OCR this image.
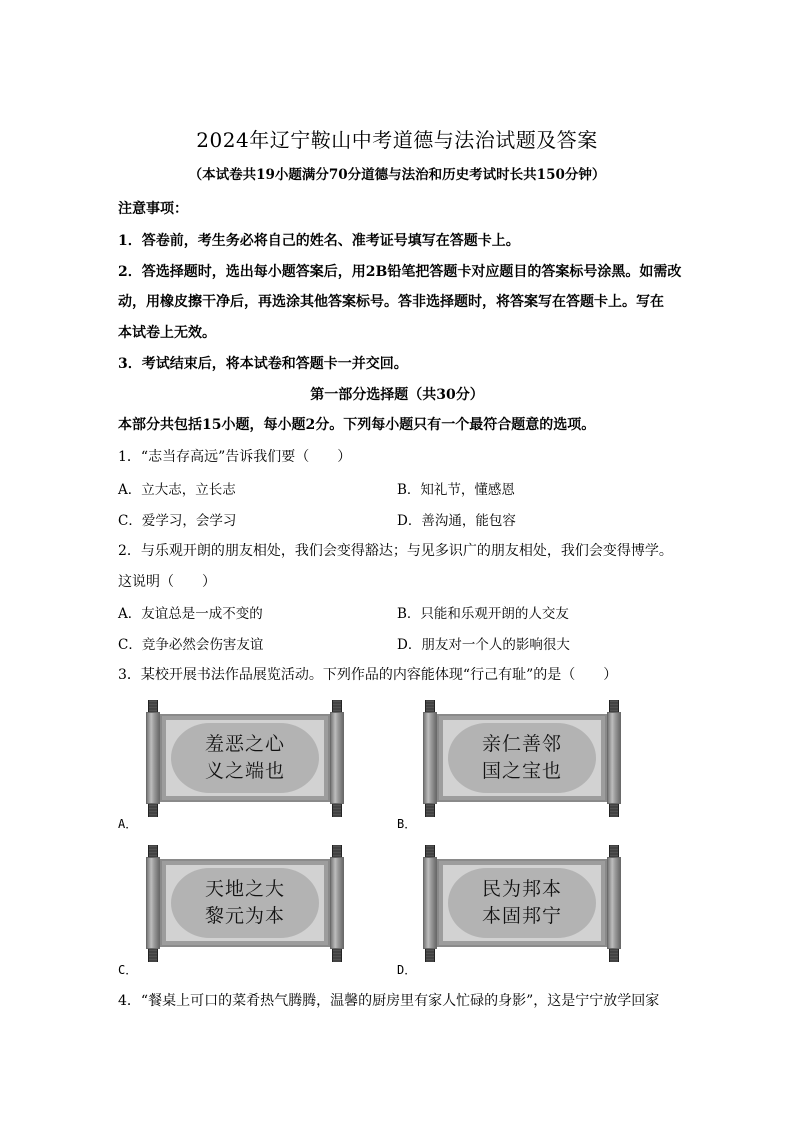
2024年辽宁鞍山中考道德与法治试题及答案
（本试卷共19小题满分70分道德与法治和历史考试时长共150分钟）
注意事项：
1．答卷前，考生务必将自己的姓名、准考证号填写在答题卡上。
2．答选择题时，选出每小题答案后，用2B铅笔把答题卡对应题目的答案标号涂黑。如需改
动，用橡皮擦干净后，再选涂其他答案标号。答非选择题时，将答案写在答题卡上。写在
本试卷上无效。
3．考试结束后，将本试卷和答题卡一并交回。
第一部分选择题（共30分）
本部分共包括15小题，每小题2分。下列每小题只有一个最符合题意的选项。
1．“志当存高远”告诉我们要（　　）
A．立大志，立长志	B．知礼节，懂感恩
C．爱学习，会学习	D．善沟通，能包容
2．与乐观开朗的朋友相处，我们会变得豁达；与见多识广的朋友相处，我们会变得博学。
这说明（　　）
A．友谊总是一成不变的	B．只能和乐观开朗的人交友
C．竞争必然会伤害友谊	D．朋友对一个人的影响很大
3．某校开展书法作品展览活动。下列作品的内容能体现“行己有耻”的是（　　）
羞恶之心
义之端也
A．
亲仁善邻
国之宝也
B．
天地之大
黎元为本
C．
民为邦本
本固邦宁
D．
4．“餐桌上可口的菜肴热气腾腾，温馨的厨房里有家人忙碌的身影”，这是宁宁放学回家
